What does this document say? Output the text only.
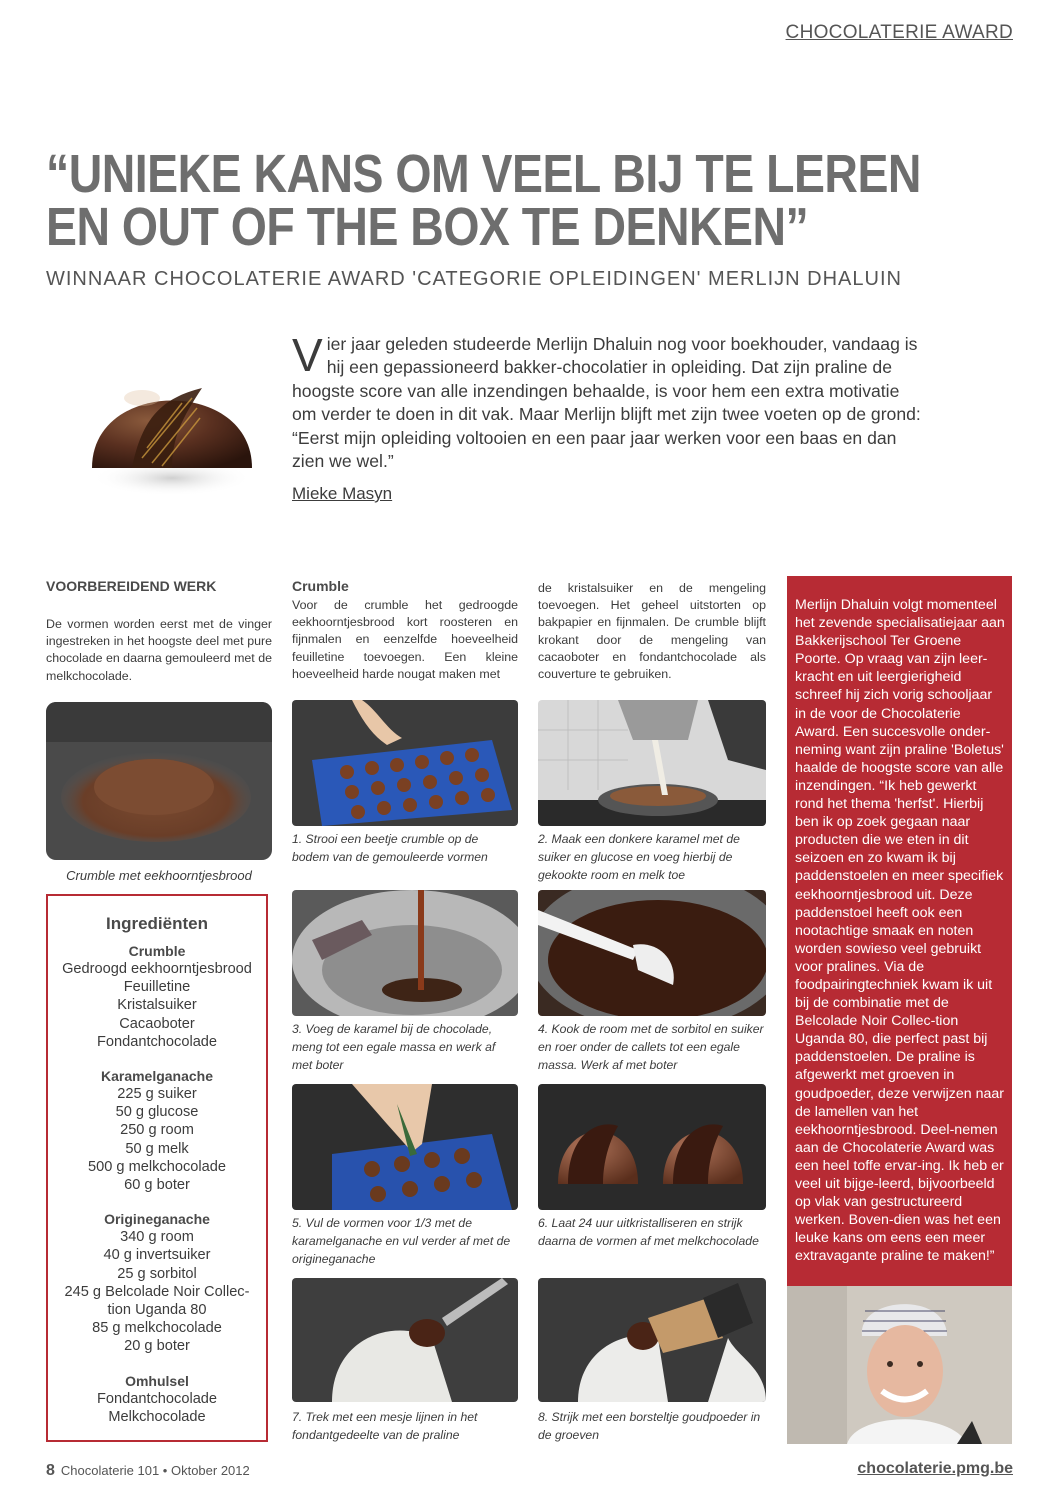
CHOCOLATERIE AWARD
“UNIEKE KANS OM VEEL BIJ TE LEREN
EN OUT OF THE BOX TE DENKEN”
WINNAAR CHOCOLATERIE AWARD 'CATEGORIE OPLEIDINGEN' MERLIJN DHALUIN
Vier jaar geleden studeerde Merlijn Dhaluin nog voor boekhouder, vandaag is hij een gepassioneerd bakker-chocolatier in opleiding. Dat zijn praline de hoogste score van alle inzendingen behaalde, is voor hem een extra motivatie om verder te doen in dit vak. Maar Merlijn blijft met zijn twee voeten op de grond: “Eerst mijn opleiding voltooien en een paar jaar werken voor een baas en dan zien we wel.”
Mieke Masyn
VOORBEREIDEND WERK
De vormen worden eerst met de vinger ingestreken in het hoogste deel met pure chocolade en daarna gemouleerd met de melkchocolade.
Crumble met eekhoorntjesbrood
Ingrediënten
Crumble
Gedroogd eekhoorntjesbrood
Feuilletine
Kristalsuiker
Cacaoboter
Fondantchocolade
Karamelganache
225 g suiker
50 g glucose
250 g room
50 g melk
500 g melkchocolade
60 g boter
Origineganache
340 g room
40 g invertsuiker
25 g sorbitol
245 g Belcolade Noir Collec-
tion Uganda 80
85 g melkchocolade
20 g boter
Omhulsel
Fondantchocolade
Melkchocolade
Crumble
Voor de crumble het gedroogde eekhoorntjesbrood kort roosteren en fijnmalen en eenzelfde hoeveelheid feuilletine toevoegen. Een kleine hoeveelheid harde nougat maken met
de kristalsuiker en de mengeling toevoegen. Het geheel uitstorten op bakpapier en fijnmalen. De crumble blijft krokant door de mengeling van cacaoboter en fondantchocolade als couverture te gebruiken.
1. Strooi een beetje crumble op de bodem van de gemouleerde vormen
2. Maak een donkere karamel met de suiker en glucose en voeg hierbij de gekookte room en melk toe
3. Voeg de karamel bij de chocolade, meng tot een egale massa en werk af met boter
4. Kook de room met de sorbitol en suiker en roer onder de callets tot een egale massa. Werk af met boter
5. Vul de vormen voor 1/3 met de karamelganache en vul verder af met de origineganache
6. Laat 24 uur uitkristalliseren en strijk daarna de vormen af met melkchocolade
7. Trek met een mesje lijnen in het fondantgedeelte van de praline
8. Strijk met een borsteltje goudpoeder in de groeven
Merlijn Dhaluin volgt momenteel het zevende specialisatiejaar aan Bakkerijschool Ter Groene Poorte. Op vraag van zijn leer-kracht en uit leergierigheid schreef hij zich vorig schooljaar in de voor de Chocolaterie Award. Een succesvolle onder-neming want zijn praline 'Boletus' haalde de hoogste score van alle inzendingen. “Ik heb gewerkt rond het thema 'herfst'. Hierbij ben ik op zoek gegaan naar producten die we eten in dit seizoen en zo kwam ik bij paddenstoelen en meer specifiek eekhoorntjesbrood uit. Deze paddenstoel heeft ook een nootachtige smaak en noten worden sowieso veel gebruikt voor pralines. Via de foodpairingtechniek kwam ik uit bij de combinatie met de Belcolade Noir Collec-tion Uganda 80, die perfect past bij paddenstoelen. De praline is afgewerkt met groeven in goudpoeder, deze verwijzen naar de lamellen van het eekhoorntjesbrood. Deel-nemen aan de Chocolaterie Award was een heel toffe ervar-ing. Ik heb er veel uit bijge-leerd, bijvoorbeeld op vlak van gestructureerd werken. Boven-dien was het een leuke kans om eens een meer extravagante praline te maken!”
8 Chocolaterie 101 • Oktober 2012	chocolaterie.pmg.be
